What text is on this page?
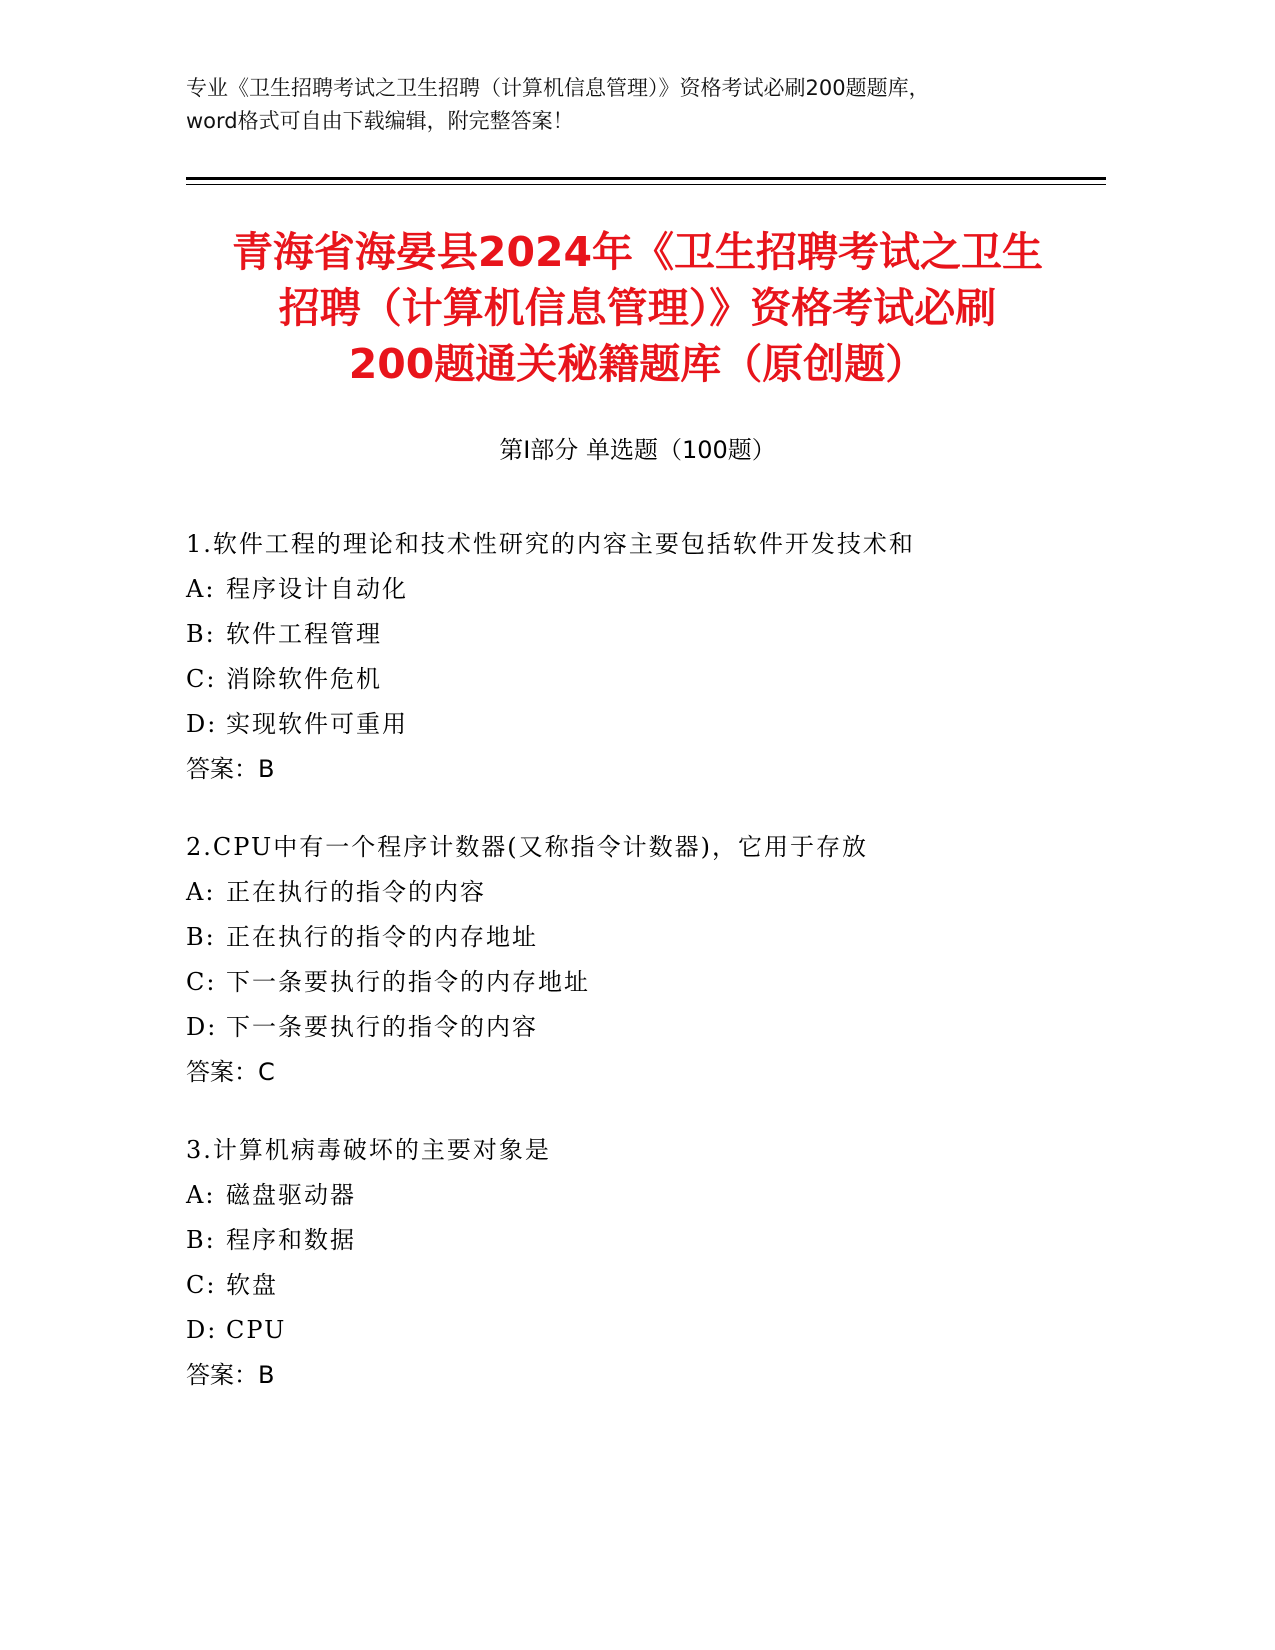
专业《卫生招聘考试之卫生招聘（计算机信息管理）》资格考试必刷200题题库，
word格式可自由下载编辑，附完整答案！
青海省海晏县2024年《卫生招聘考试之卫生
招聘（计算机信息管理）》资格考试必刷
200题通关秘籍题库（原创题）
第Ⅰ部分 单选题（100题）
1.软件工程的理论和技术性研究的内容主要包括软件开发技术和
A: 程序设计自动化
B: 软件工程管理
C: 消除软件危机
D: 实现软件可重用
答案：B
2.CPU中有一个程序计数器(又称指令计数器)，它用于存放
A: 正在执行的指令的内容
B: 正在执行的指令的内存地址
C: 下一条要执行的指令的内存地址
D: 下一条要执行的指令的内容
答案：C
3.计算机病毒破坏的主要对象是
A: 磁盘驱动器
B: 程序和数据
C: 软盘
D: CPU
答案：B
